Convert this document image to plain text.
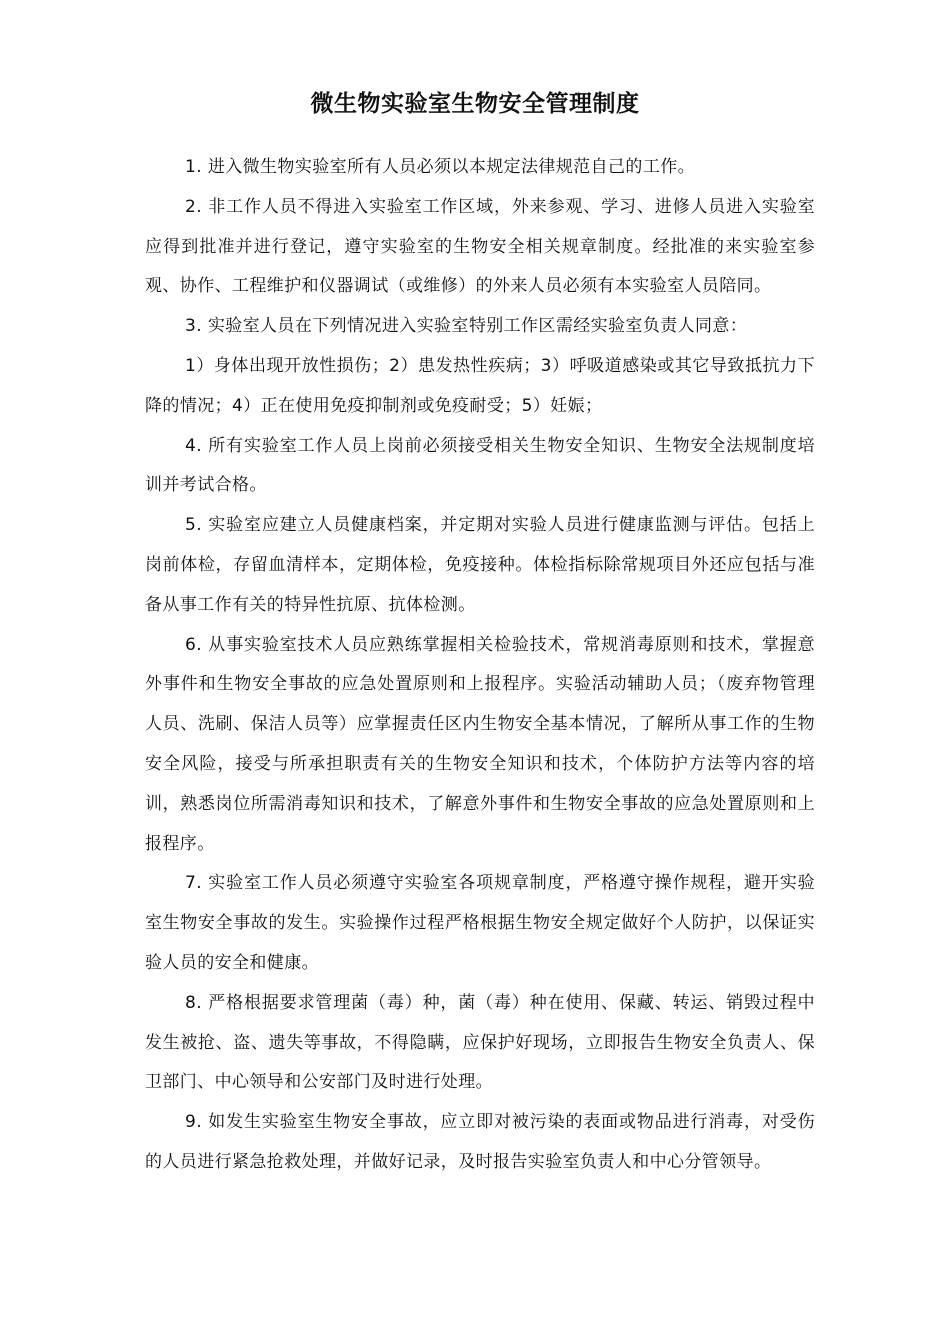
微生物实验室生物安全管理制度

1. 进入微生物实验室所有人员必须以本规定法律规范自己的工作。

2. 非工作人员不得进入实验室工作区域，外来参观、学习、进修人员进入实验室应得到批准并进行登记，遵守实验室的生物安全相关规章制度。经批准的来实验室参观、协作、工程维护和仪器调试（或维修）的外来人员必须有本实验室人员陪同。

3. 实验室人员在下列情况进入实验室特别工作区需经实验室负责人同意：

1）身体出现开放性损伤；2）患发热性疾病；3）呼吸道感染或其它导致抵抗力下降的情况；4）正在使用免疫抑制剂或免疫耐受；5）妊娠；

4. 所有实验室工作人员上岗前必须接受相关生物安全知识、生物安全法规制度培训并考试合格。

5. 实验室应建立人员健康档案，并定期对实验人员进行健康监测与评估。包括上岗前体检，存留血清样本，定期体检，免疫接种。体检指标除常规项目外还应包括与准备从事工作有关的特异性抗原、抗体检测。

6. 从事实验室技术人员应熟练掌握相关检验技术，常规消毒原则和技术，掌握意外事件和生物安全事故的应急处置原则和上报程序。实验活动辅助人员；（废弃物管理人员、洗刷、保洁人员等）应掌握责任区内生物安全基本情况，了解所从事工作的生物安全风险，接受与所承担职责有关的生物安全知识和技术，个体防护方法等内容的培训，熟悉岗位所需消毒知识和技术，了解意外事件和生物安全事故的应急处置原则和上报程序。

7. 实验室工作人员必须遵守实验室各项规章制度，严格遵守操作规程，避开实验室生物安全事故的发生。实验操作过程严格根据生物安全规定做好个人防护，以保证实验人员的安全和健康。

8. 严格根据要求管理菌（毒）种，菌（毒）种在使用、保藏、转运、销毁过程中发生被抢、盗、遗失等事故，不得隐瞒，应保护好现场，立即报告生物安全负责人、保卫部门、中心领导和公安部门及时进行处理。

9. 如发生实验室生物安全事故，应立即对被污染的表面或物品进行消毒，对受伤的人员进行紧急抢救处理，并做好记录，及时报告实验室负责人和中心分管领导。
